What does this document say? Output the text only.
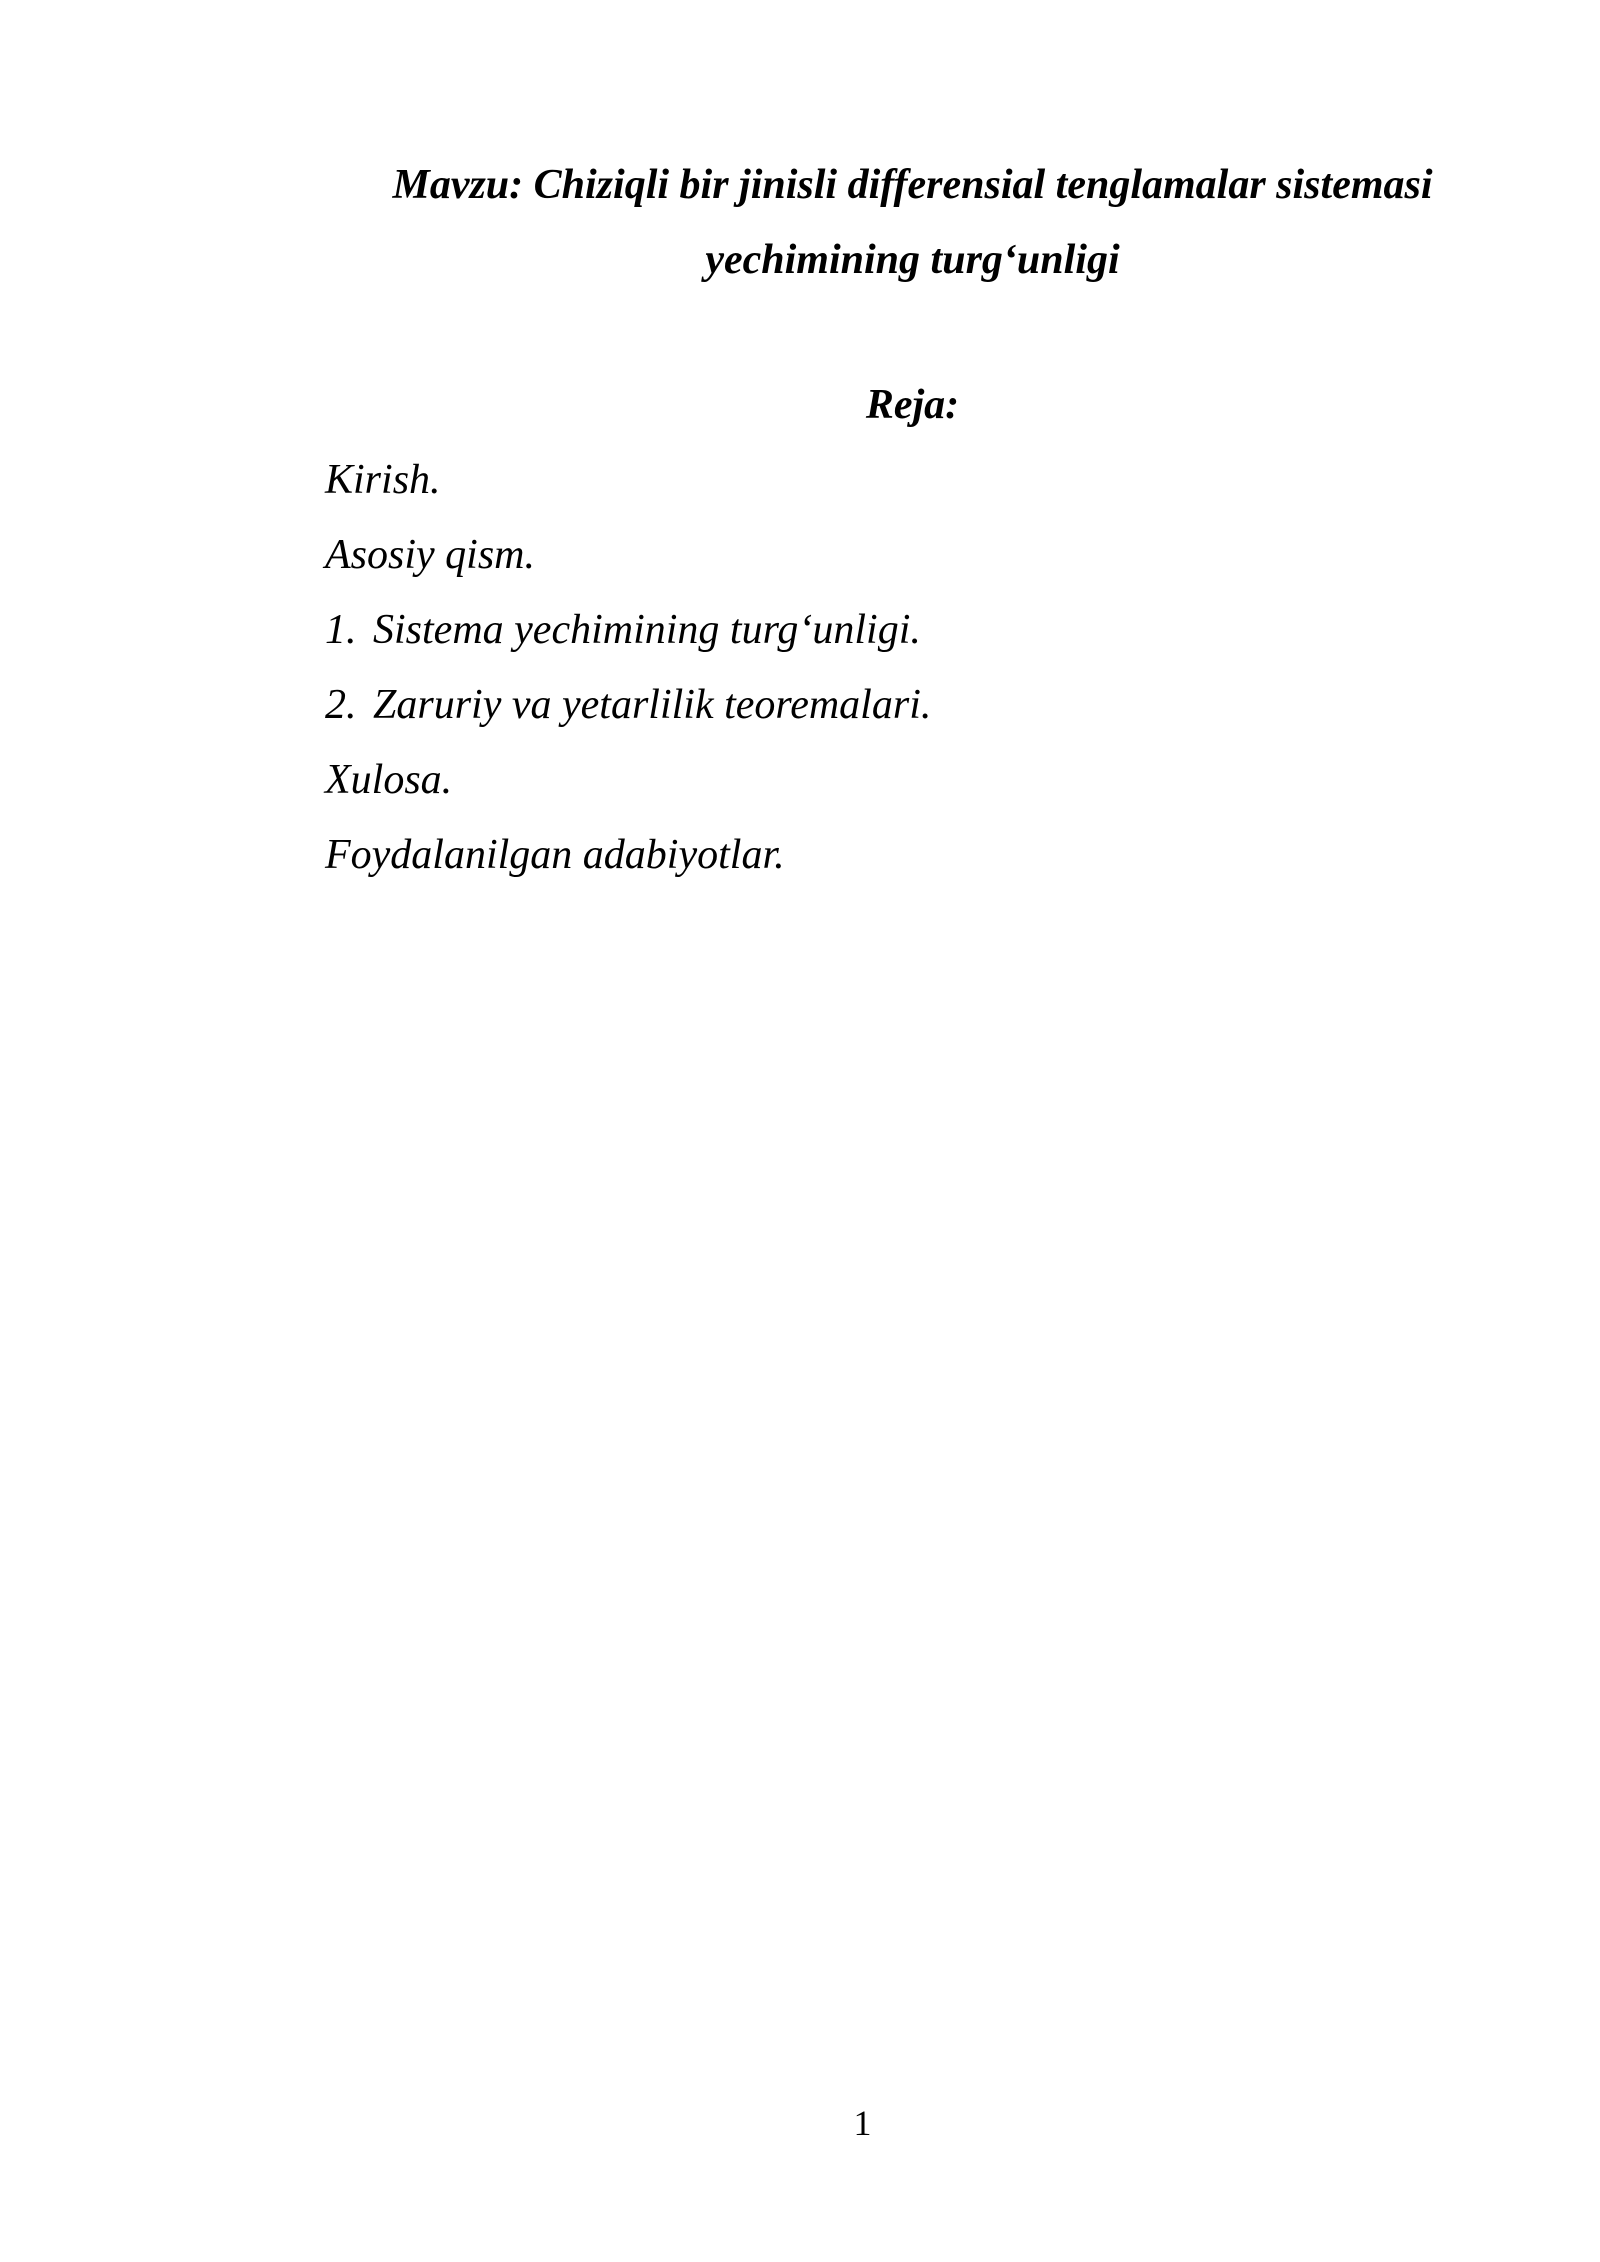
Mavzu: Chiziqli bir jinisli differensial tenglamalar sistemasi
yechimining turg‘unligi
Reja:
Kirish.
Asosiy qism.
1. Sistema yechimining turg‘unligi.
2. Zaruriy va yetarlilik teoremalari.
Xulosa.
Foydalanilgan adabiyotlar.
1
